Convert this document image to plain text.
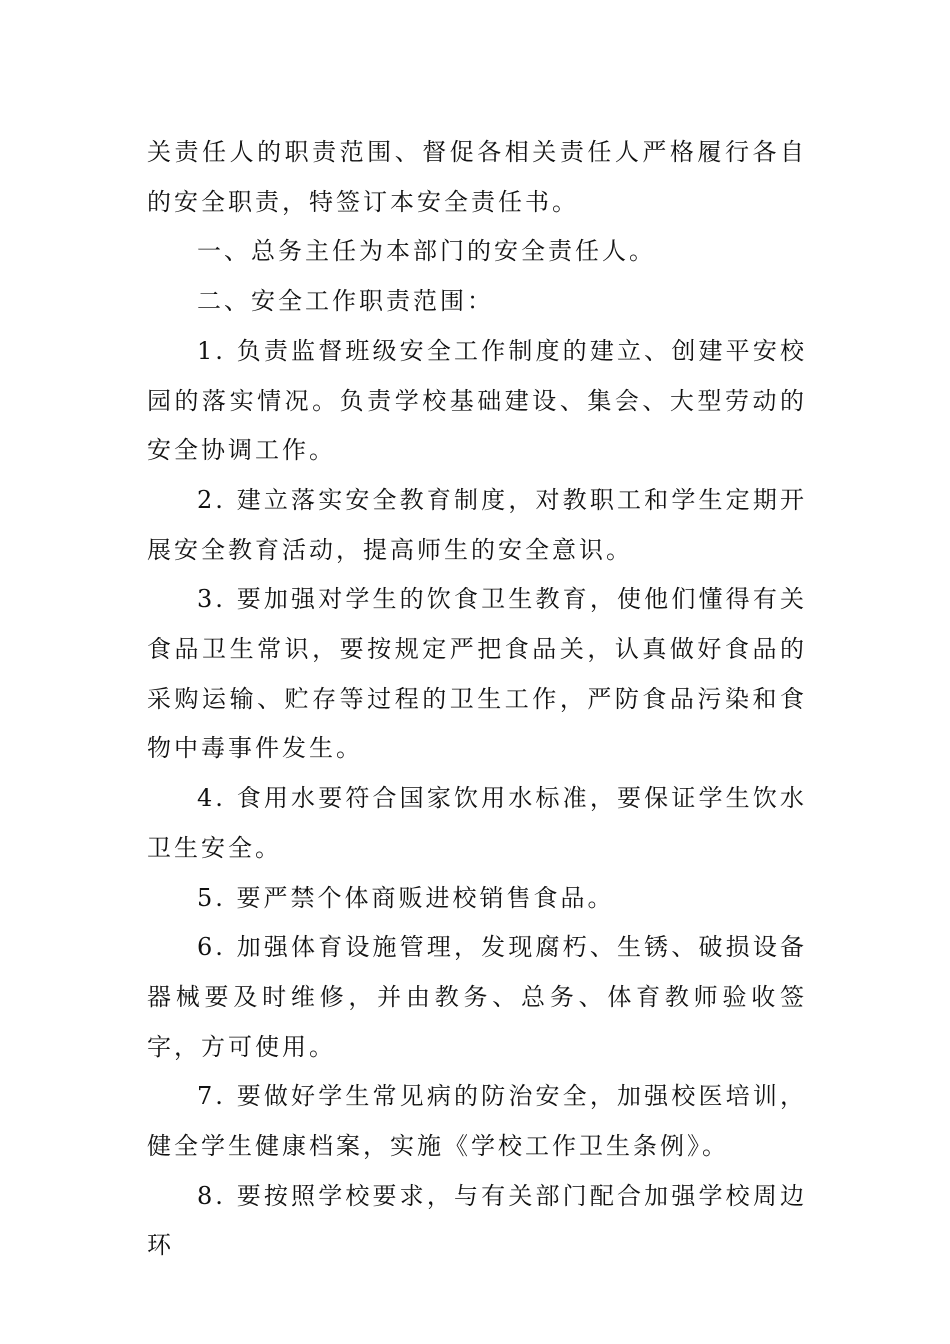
关责任人的职责范围、督促各相关责任人严格履行各自的安全职责，特签订本安全责任书。

一、总务主任为本部门的安全责任人。

二、安全工作职责范围：

1. 负责监督班级安全工作制度的建立、创建平安校园的落实情况。负责学校基础建设、集会、大型劳动的安全协调工作。

2. 建立落实安全教育制度，对教职工和学生定期开展安全教育活动，提高师生的安全意识。

3. 要加强对学生的饮食卫生教育，使他们懂得有关食品卫生常识，要按规定严把食品关，认真做好食品的采购运输、贮存等过程的卫生工作，严防食品污染和食物中毒事件发生。

4. 食用水要符合国家饮用水标准，要保证学生饮水卫生安全。

5. 要严禁个体商贩进校销售食品。

6. 加强体育设施管理，发现腐朽、生锈、破损设备器械要及时维修，并由教务、总务、体育教师验收签字，方可使用。

7. 要做好学生常见病的防治安全，加强校医培训，健全学生健康档案，实施《学校工作卫生条例》。

8. 要按照学校要求，与有关部门配合加强学校周边环
